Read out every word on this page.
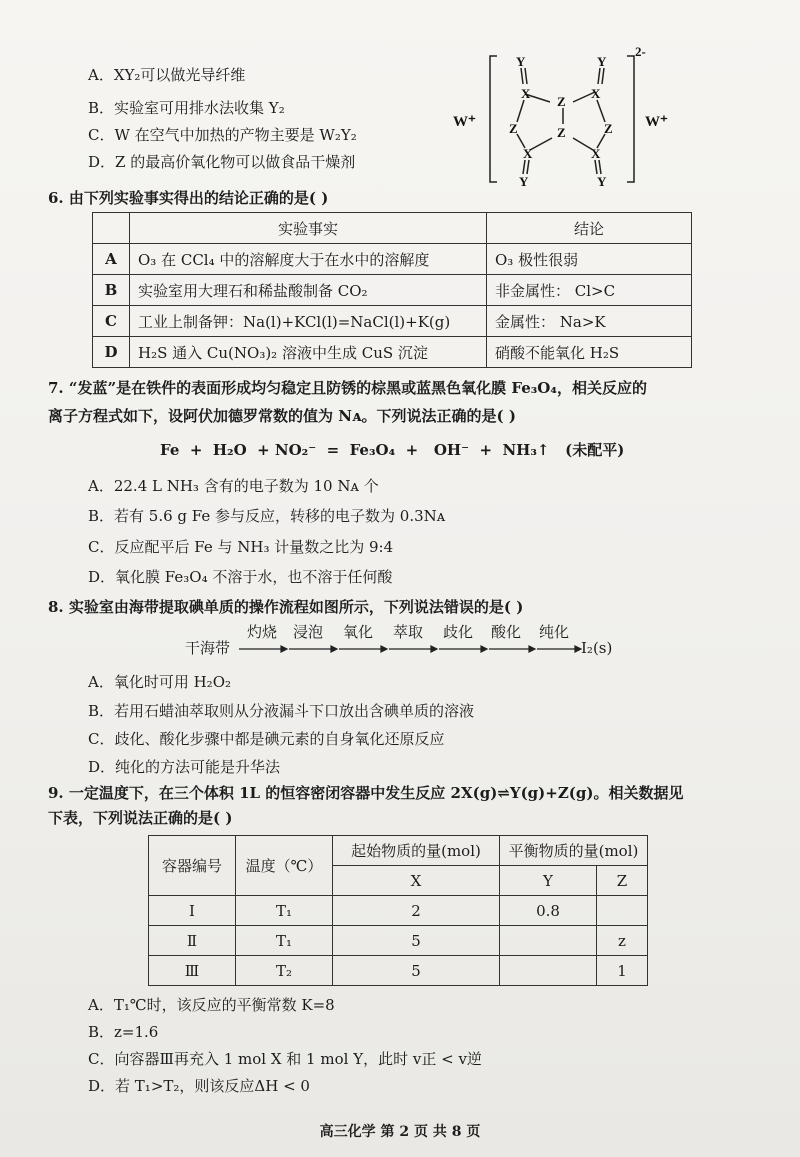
A．XY₂可以做光导纤维
B．实验室可用排水法收集 Y₂
C．W 在空气中加热的产物主要是 W₂Y₂
D．Z 的最高价氧化物可以做食品干燥剂
Y	Y
X	X
Z
Z	Z	Z
X	X
Y	Y
W⁺	W⁺
2-
6. 由下列实验事实得出的结论正确的是( )
	实验事实	结论
A	O₃ 在 CCl₄ 中的溶解度大于在水中的溶解度	O₃ 极性很弱
B	实验室用大理石和稀盐酸制备 CO₂	非金属性： Cl>C
C	工业上制备钾：Na(l)+KCl(l)=NaCl(l)+K(g)	金属性： Na>K
D	H₂S 通入 Cu(NO₃)₂ 溶液中生成 CuS 沉淀	硝酸不能氧化 H₂S
7. “发蓝”是在铁件的表面形成均匀稳定且防锈的棕黑或蓝黑色氧化膜 Fe₃O₄，相关反应的
离子方程式如下，设阿伏加德罗常数的值为 Nᴀ。下列说法正确的是( )
Fe  +  H₂O  + NO₂⁻  =  Fe₃O₄  +   OH⁻  +  NH₃↑   (未配平)
A．22.4 L NH₃ 含有的电子数为 10 Nᴀ 个
B．若有 5.6 g Fe 参与反应，转移的电子数为 0.3Nᴀ
C．反应配平后 Fe 与 NH₃ 计量数之比为 9:4
D．氧化膜 Fe₃O₄ 不溶于水，也不溶于任何酸
8. 实验室由海带提取碘单质的操作流程如图所示，下列说法错误的是( )
干海带
灼烧 浸泡 氧化 萃取 歧化 酸化 纯化
I₂(s)
A．氧化时可用 H₂O₂
B．若用石蜡油萃取则从分液漏斗下口放出含碘单质的溶液
C．歧化、酸化步骤中都是碘元素的自身氧化还原反应
D．纯化的方法可能是升华法
9. 一定温度下，在三个体积 1L 的恒容密闭容器中发生反应 2X(g)⇌Y(g)+Z(g)。相关数据见
下表，下列说法正确的是( )
容器编号	温度（℃）	起始物质的量(mol)	平衡物质的量(mol)	
		X	Y	Z
Ⅰ	T₁	2	0.8	
Ⅱ	T₁	5		z
Ⅲ	T₂	5		1
A．T₁℃时，该反应的平衡常数 K=8
B．z=1.6
C．向容器Ⅲ再充入 1 mol X 和 1 mol Y，此时 v正 < v逆
D．若 T₁>T₂，则该反应ΔH < 0
高三化学 第 2 页 共 8 页
